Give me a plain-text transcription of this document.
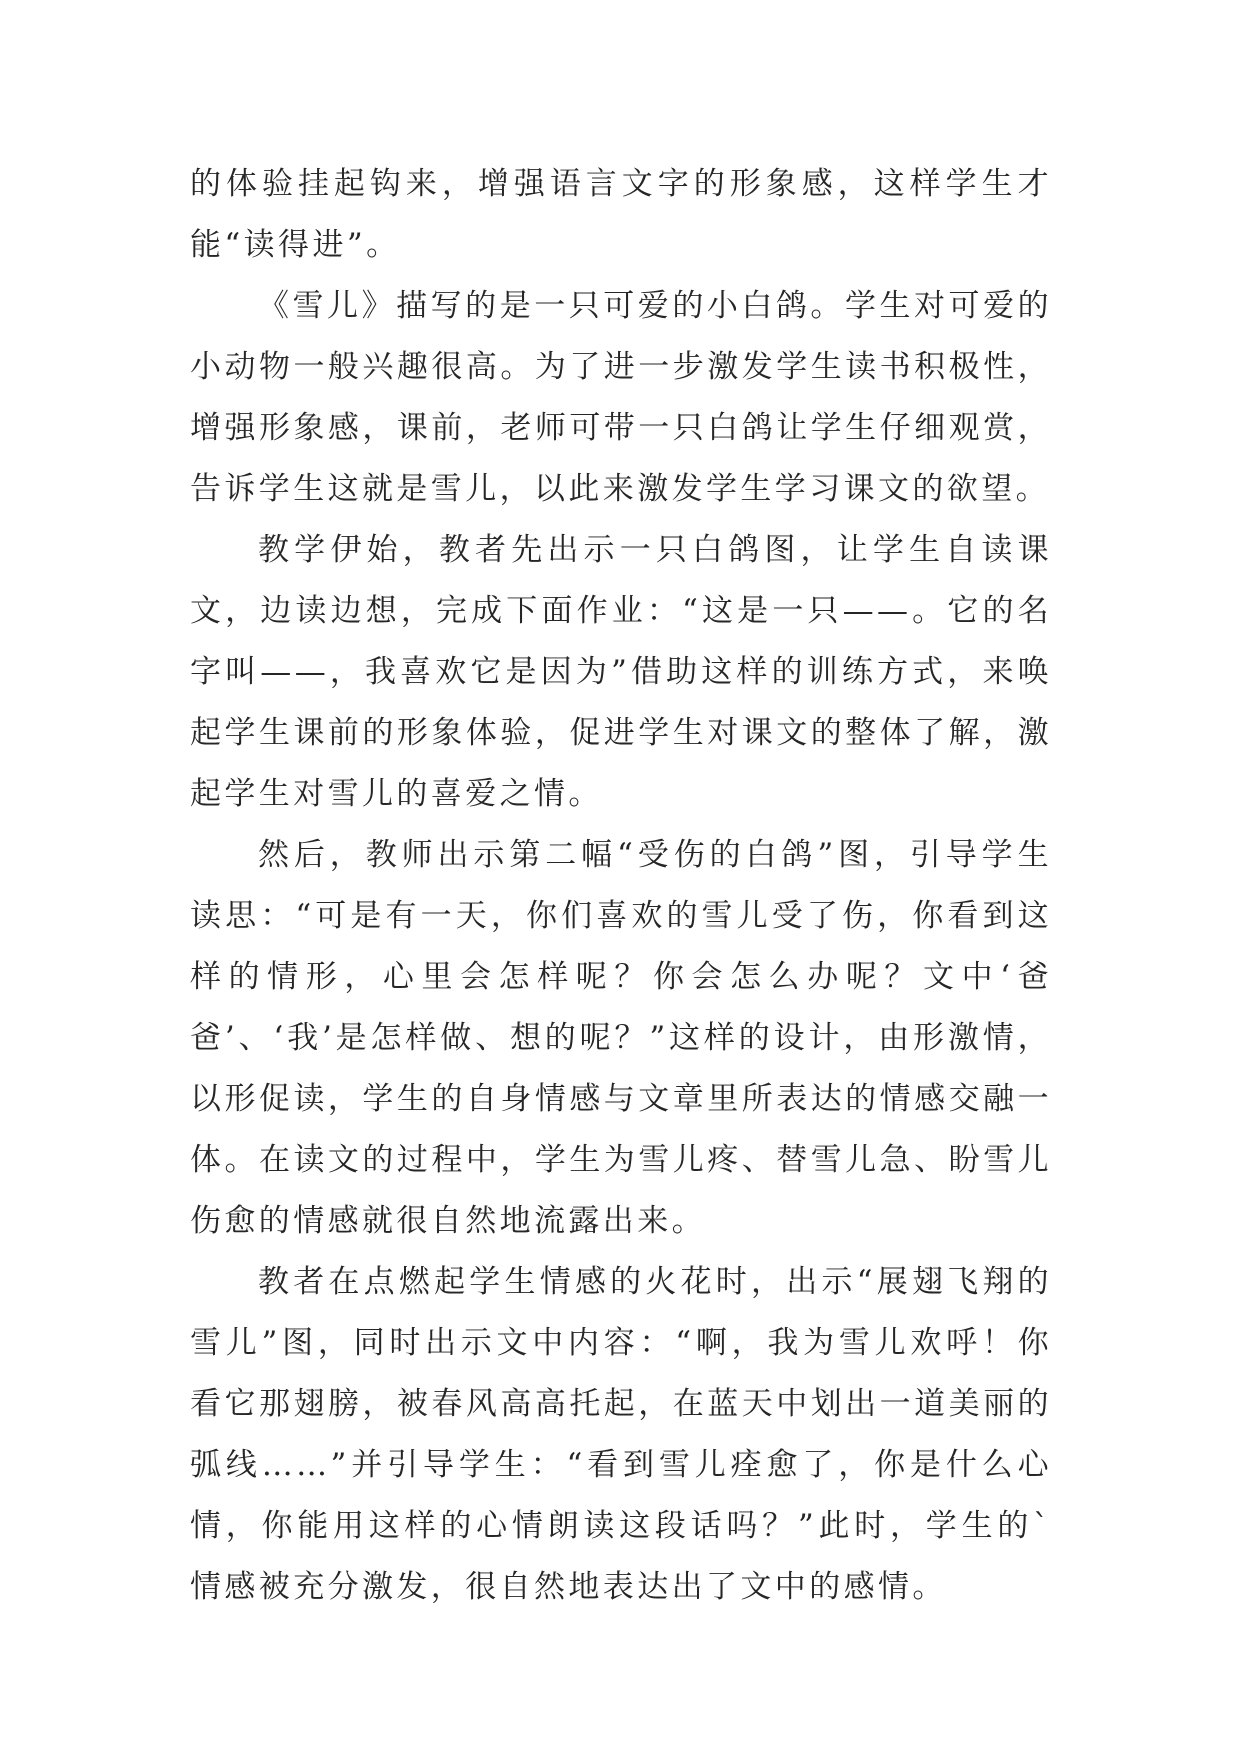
的体验挂起钩来，增强语言文字的形象感，这样学生才能“读得进”。

《雪儿》描写的是一只可爱的小白鸽。学生对可爱的小动物一般兴趣很高。为了进一步激发学生读书积极性，增强形象感，课前，老师可带一只白鸽让学生仔细观赏，告诉学生这就是雪儿，以此来激发学生学习课文的欲望。

教学伊始，教者先出示一只白鸽图，让学生自读课文，边读边想，完成下面作业：“这是一只——。它的名字叫——，我喜欢它是因为”借助这样的训练方式，来唤起学生课前的形象体验，促进学生对课文的整体了解，激起学生对雪儿的喜爱之情。

然后，教师出示第二幅“受伤的白鸽”图，引导学生读思：“可是有一天，你们喜欢的雪儿受了伤，你看到这样的情形，心里会怎样呢？你会怎么办呢？文中‘爸爸’、‘我’是怎样做、想的呢？”这样的设计，由形激情，以形促读，学生的自身情感与文章里所表达的情感交融一体。在读文的过程中，学生为雪儿疼、替雪儿急、盼雪儿伤愈的情感就很自然地流露出来。

教者在点燃起学生情感的火花时，出示“展翅飞翔的雪儿”图，同时出示文中内容：“啊，我为雪儿欢呼！你看它那翅膀，被春风高高托起，在蓝天中划出一道美丽的弧线……”并引导学生：“看到雪儿痊愈了，你是什么心情，你能用这样的心情朗读这段话吗？”此时，学生的`情感被充分激发，很自然地表达出了文中的感情。
